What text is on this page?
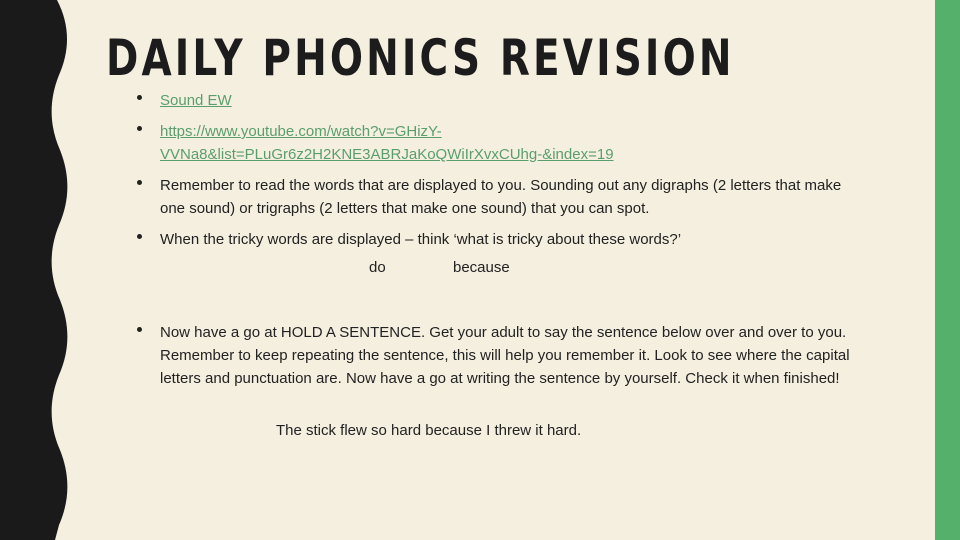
DAILY PHONICS REVISION
Sound EW
https://www.youtube.com/watch?v=GHizY-
VVNa8&list=PLuGr6z2H2KNE3ABRJaKoQWiIrXvxCUhg-&index=19
Remember to read the words that are displayed to you. Sounding out any digraphs (2 letters that make one sound) or trigraphs (2 letters that make one sound) that you can spot.
When the tricky words are displayed – think ‘what is tricky about these words?’
do	because
Now have a go at HOLD A SENTENCE. Get your adult to say the sentence below over and over to you. Remember to keep repeating the sentence, this will help you remember it. Look to see where the capital letters and punctuation are. Now have a go at writing the sentence by yourself. Check it when finished!
The stick flew so hard because I threw it hard.
